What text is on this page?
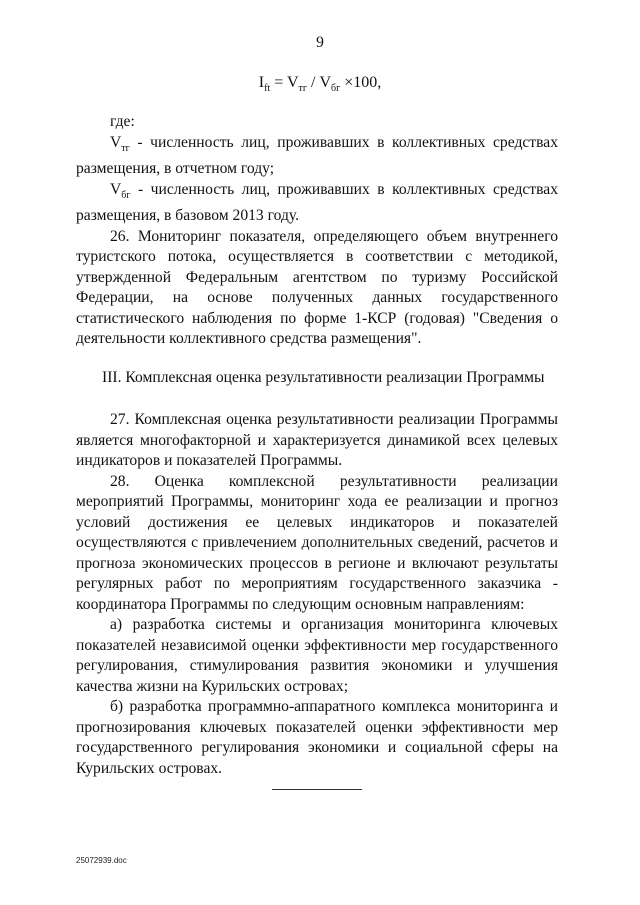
9
$I_{ft} = V_{тг} / V_{бг} \times 100$,

где:

$V_{тг}$ - численность лиц, проживавших в коллективных средствах размещения, в отчетном году;

$V_{бг}$ - численность лиц, проживавших в коллективных средствах размещения, в базовом 2013 году.

26. Мониторинг показателя, определяющего объем внутреннего туристского потока, осуществляется в соответствии с методикой, утвержденной Федеральным агентством по туризму Российской Федерации, на основе полученных данных государственного статистического наблюдения по форме 1-КСР (годовая) "Сведения о деятельности коллективного средства размещения".

III. Комплексная оценка результативности реализации Программы

27. Комплексная оценка результативности реализации Программы является многофакторной и характеризуется динамикой всех целевых индикаторов и показателей Программы.

28. Оценка комплексной результативности реализации мероприятий Программы, мониторинг хода ее реализации и прогноз условий достижения ее целевых индикаторов и показателей осуществляются с привлечением дополнительных сведений, расчетов и прогноза экономических процессов в регионе и включают результаты регулярных работ по мероприятиям государственного заказчика - координатора Программы по следующим основным направлениям:

а) разработка системы и организация мониторинга ключевых показателей независимой оценки эффективности мер государственного регулирования, стимулирования развития экономики и улучшения качества жизни на Курильских островах;

б) разработка программно-аппаратного комплекса мониторинга и прогнозирования ключевых показателей оценки эффективности мер государственного регулирования экономики и социальной сферы на Курильских островах.

25072939.doc
